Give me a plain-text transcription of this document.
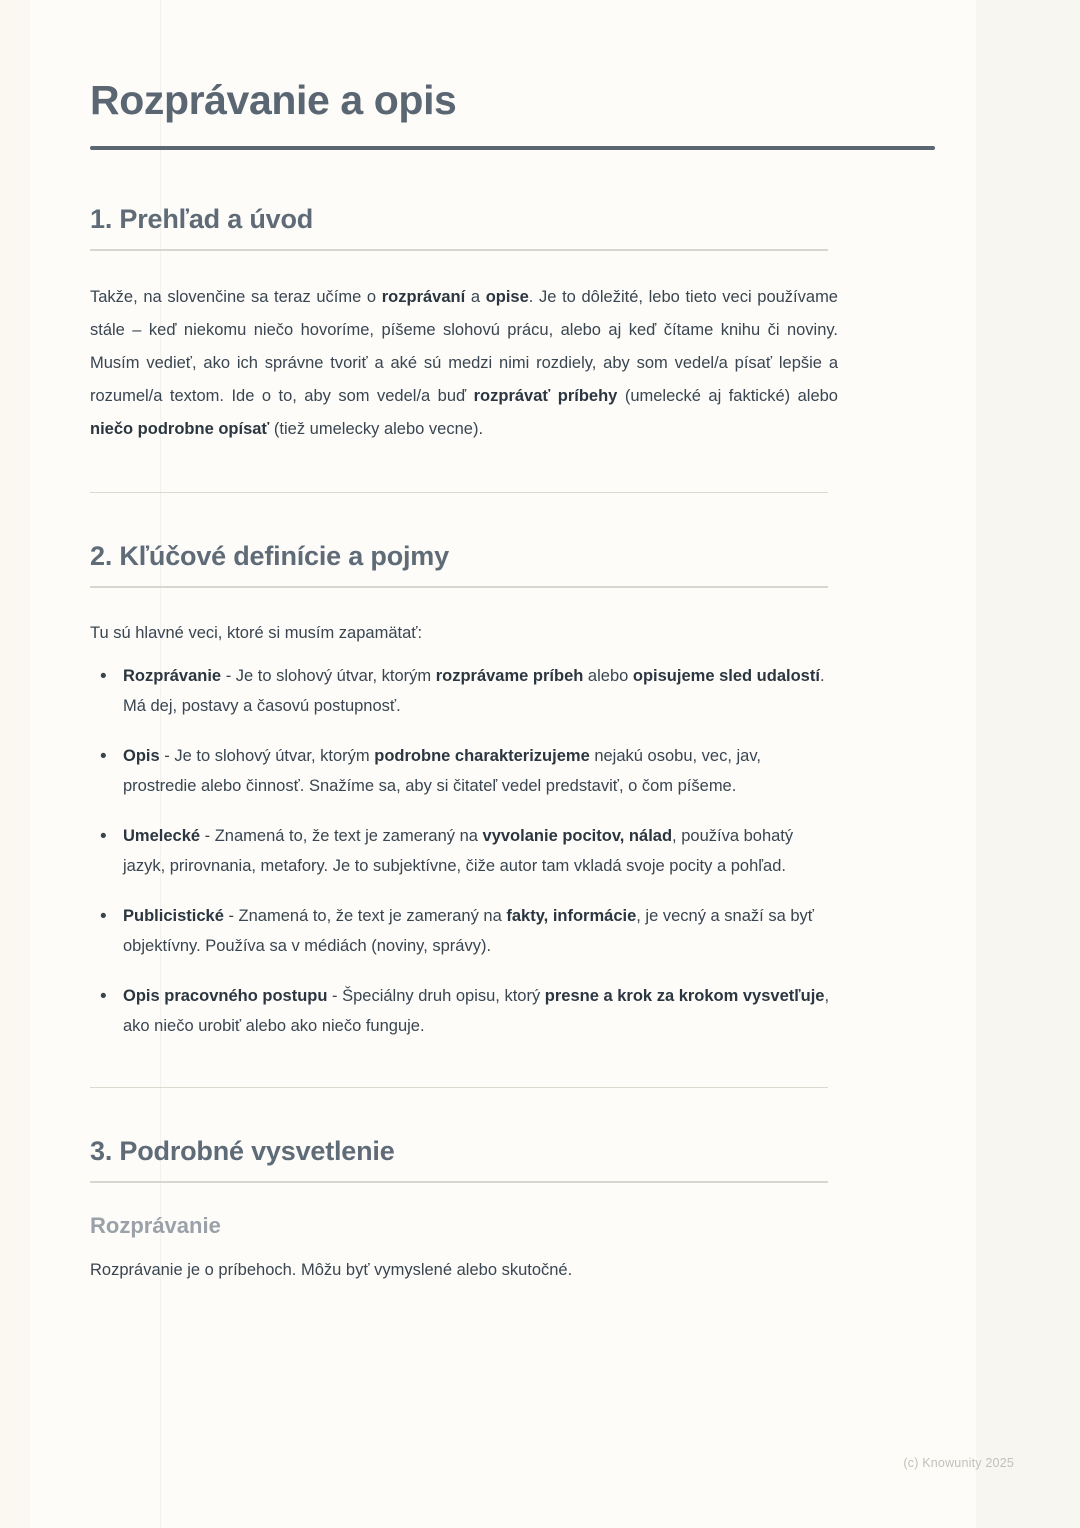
Rozprávanie a opis
1. Prehľad a úvod

Takže, na slovenčine sa teraz učíme o rozprávaní a opise. Je to dôležité, lebo tieto veci používame stále – keď niekomu niečo hovoríme, píšeme slohovú prácu, alebo aj keď čítame knihu či noviny. Musím vedieť, ako ich správne tvoriť a aké sú medzi nimi rozdiely, aby som vedel/a písať lepšie a rozumel/a textom. Ide o to, aby som vedel/a buď rozprávať príbehy (umelecké aj faktické) alebo niečo podrobne opísať (tiež umelecky alebo vecne).

2. Kľúčové definície a pojmy

Tu sú hlavné veci, ktoré si musím zapamätať:

• Rozprávanie - Je to slohový útvar, ktorým rozprávame príbeh alebo opisujeme sled udalostí. Má dej, postavy a časovú postupnosť.
• Opis - Je to slohový útvar, ktorým podrobne charakterizujeme nejakú osobu, vec, jav, prostredie alebo činnosť. Snažíme sa, aby si čitateľ vedel predstaviť, o čom píšeme.
• Umelecké - Znamená to, že text je zameraný na vyvolanie pocitov, nálad, používa bohatý jazyk, prirovnania, metafory. Je to subjektívne, čiže autor tam vkladá svoje pocity a pohľad.
• Publicistické - Znamená to, že text je zameraný na fakty, informácie, je vecný a snaží sa byť objektívny. Používa sa v médiách (noviny, správy).
• Opis pracovného postupu - Špeciálny druh opisu, ktorý presne a krok za krokom vysvetľuje, ako niečo urobiť alebo ako niečo funguje.
3. Podrobné vysvetlenie
Rozprávanie

Rozprávanie je o príbehoch. Môžu byť vymyslené alebo skutočné.

(c) Knowunity 2025
